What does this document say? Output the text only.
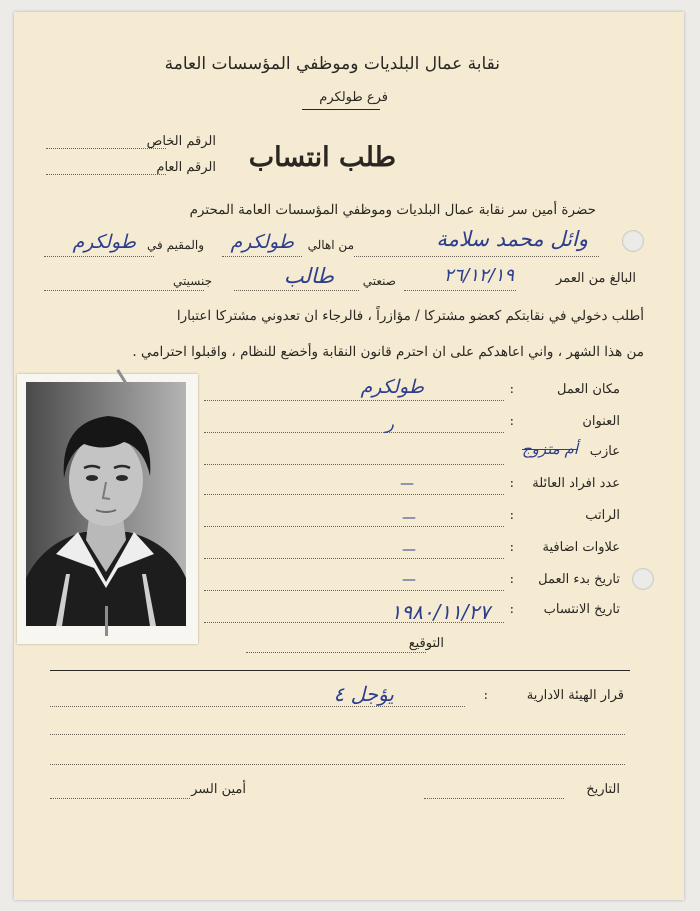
نقابة عمال البلديات وموظفي المؤسسات العامة
فرع طولكرم
الرقم الخاص
الرقم العام طلب انتساب
حضرة أمين سر نقابة عمال البلديات وموظفي المؤسسات العامة المحترم
وائل محمد سلامة
من اهالي
طولكرم
والمقيم في
طولكرم
البالغ من العمر
٢٦/١٢/١٩
صنعتي
طالب
جنسيتي
أطلب دخولي في نقابتكم كعضو مشتركا / مؤازراً ، فالرجاء ان تعدوني مشتركا اعتبارا
من هذا الشهر ، واني اعاهدكم على ان احترم قانون النقابة وأخضع للنظام ، واقبلوا احترامي .
مكان العمل
:
طولكرم
العنوان
:
ر
عازب
أم متزوج
عدد افراد العائلة
:
—
الراتب
:
—
علاوات اضافية
:
—
تاريخ بدء العمل
:
—
تاريخ الانتساب
:
١٩٨٠/١١/٢٧
التوقيع
قرار الهيئة الادارية
:
يؤجل ٤
أمين السر	التاريخ
